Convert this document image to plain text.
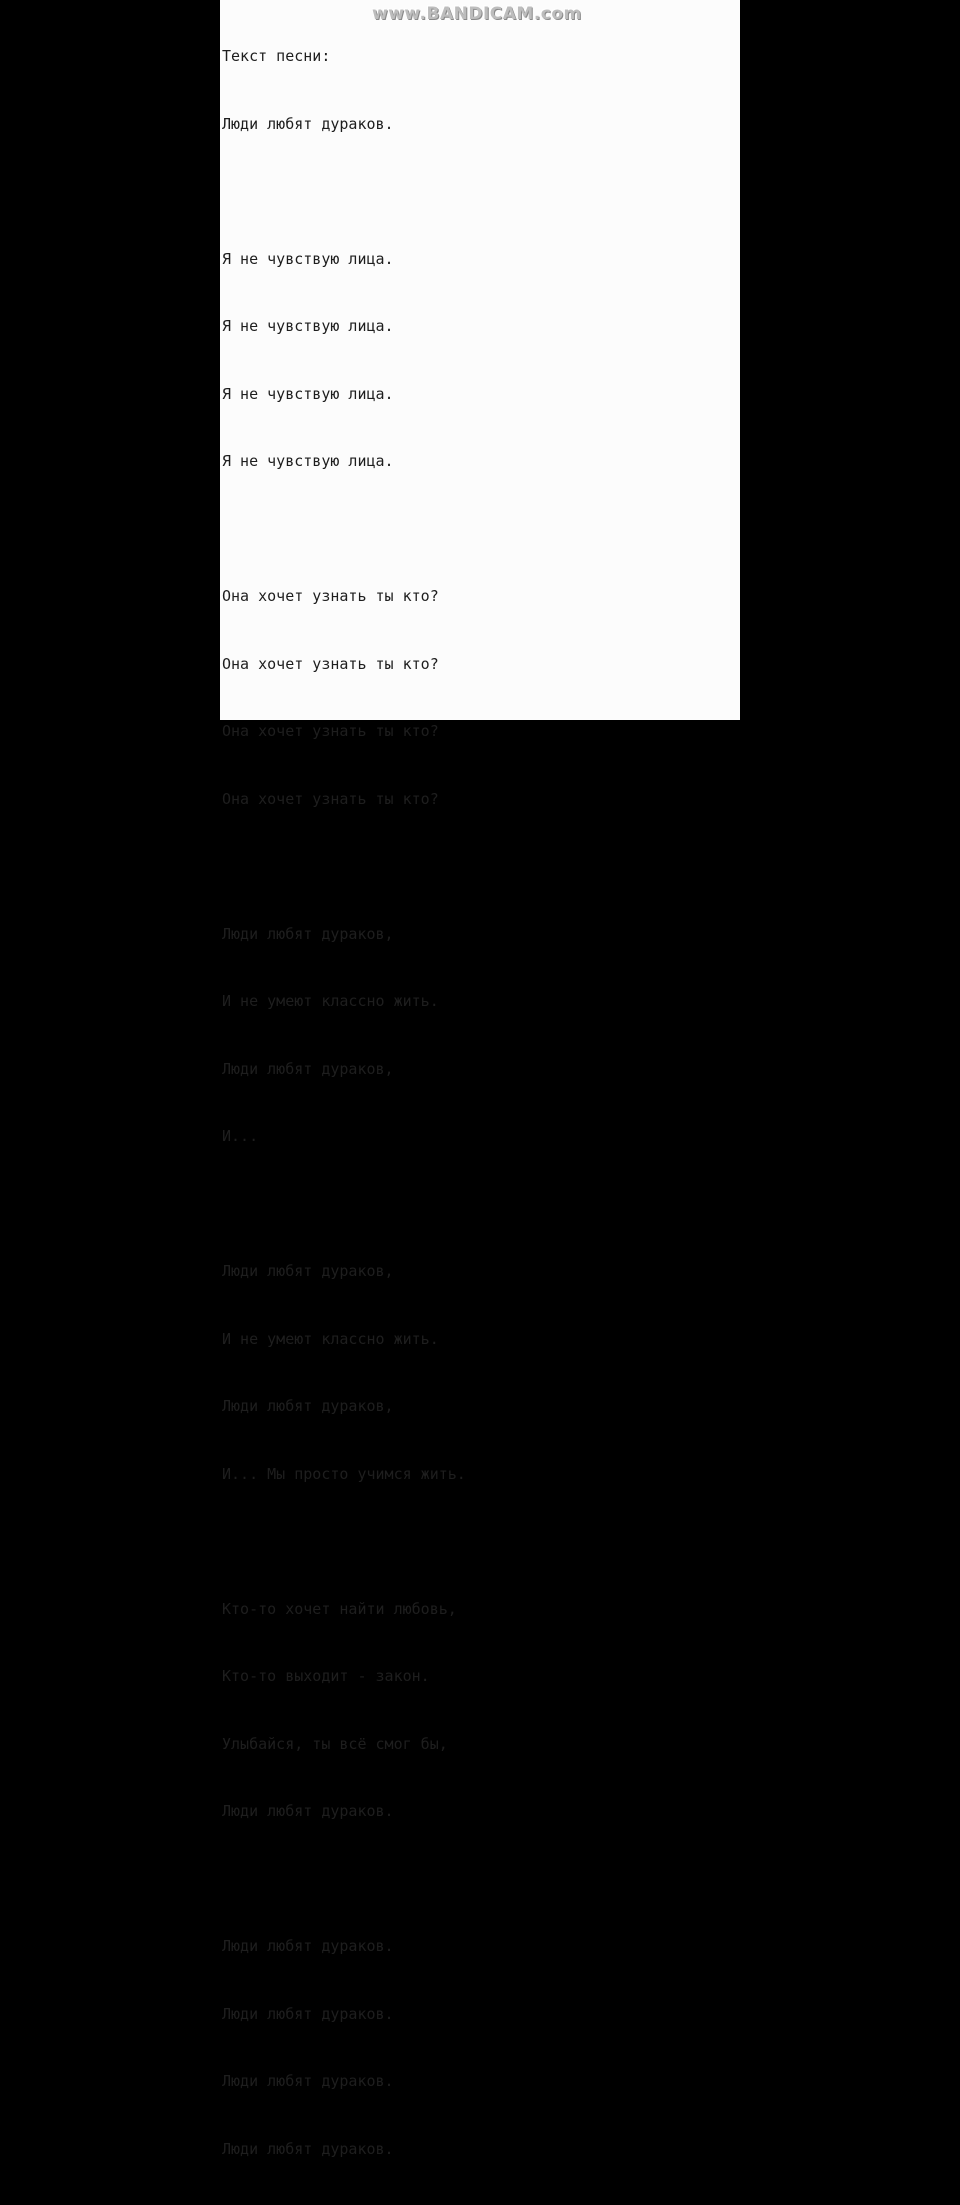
Текст песни:

Люди любят дураков.

Я не чувствую лица.

Я не чувствую лица.

Я не чувствую лица.

Я не чувствую лица.

Она хочет узнать ты кто?

Она хочет узнать ты кто?

Она хочет узнать ты кто?

Она хочет узнать ты кто?

Люди любят дураков,

И не умеют классно жить.

Люди любят дураков,

И...

Люди любят дураков,

И не умеют классно жить.

Люди любят дураков,

И... Мы просто учимся жить.

Кто-то хочет найти любовь,

Кто-то выходит - закон.

Улыбайся, ты всё смог бы,

Люди любят дураков.

Люди любят дураков.

Люди любят дураков.

Люди любят дураков.

Люди любят дураков.

www.BANDICAM.com
